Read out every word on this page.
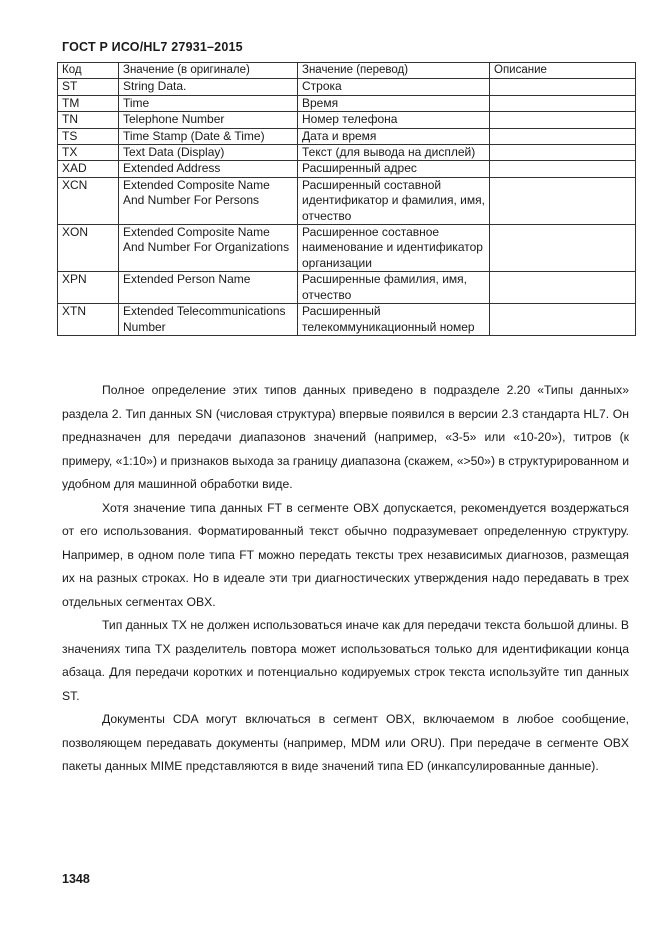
ГОСТ Р ИСО/HL7 27931–2015
Код	Значение (в оригинале)	Значение (перевод)	Описание
ST	String Data.	Строка	
TM	Time	Время	
TN	Telephone Number	Номер телефона	
TS	Time Stamp (Date & Time)	Дата и время	
TX	Text Data (Display)	Текст (для вывода на дисплей)	
XAD	Extended Address	Расширенный адрес	
XCN	Extended Composite Name And Number For Persons	Расширенный составной идентификатор и фамилия, имя, отчество	
XON	Extended Composite Name And Number For Organizations	Расширенное составное наименование и идентификатор организации	
XPN	Extended Person Name	Расширенные фамилия, имя, отчество	
XTN	Extended Telecommunications Number	Расширенный телекоммуникационный номер	

Полное определение этих типов данных приведено в подразделе 2.20 «Типы данных» раздела 2. Тип данных SN (числовая структура) впервые появился в версии 2.3 стандарта HL7. Он предназначен для передачи диапазонов значений (например, «3-5» или «10-20»), титров (к примеру, «1:10») и признаков выхода за границу диапазона (скажем, «>50») в структурированном и удобном для машинной обработки виде.

Хотя значение типа данных FT в сегменте OBX допускается, рекомендуется воздержаться от его использования. Форматированный текст обычно подразумевает определенную структуру. Например, в одном поле типа FT можно передать тексты трех независимых диагнозов, размещая их на разных строках. Но в идеале эти три диагностических утверждения надо передавать в трех отдельных сегментах OBX.

Тип данных TX не должен использоваться иначе как для передачи текста большой длины. В значениях типа TX разделитель повтора может использоваться только для идентификации конца абзаца. Для передачи коротких и потенциально кодируемых строк текста используйте тип данных ST.

Документы CDA могут включаться в сегмент OBX, включаемом в любое сообщение, позволяющем передавать документы (например, MDM или ORU). При передаче в сегменте OBX пакеты данных MIME представляются в виде значений типа ED (инкапсулированные данные).

1348
